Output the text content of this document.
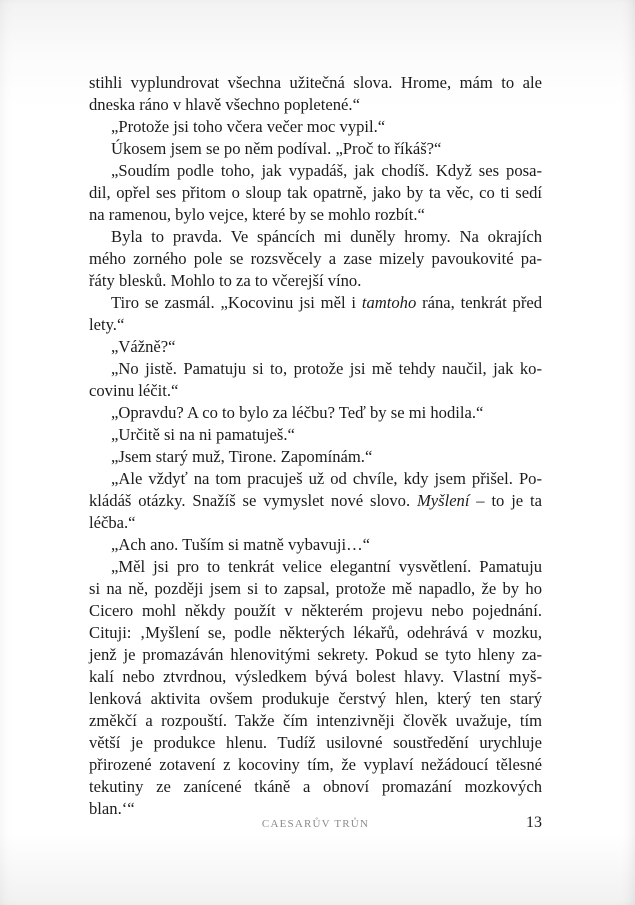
stihli vyplundrovat všechna užitečná slova. Hrome, mám to ale
dneska ráno v hlavě všechno popletené.“

„Protože jsi toho včera večer moc vypil.“

Úkosem jsem se po něm podíval. „Proč to říkáš?“

„Soudím podle toho, jak vypadáš, jak chodíš. Když ses posa-
dil, opřel ses přitom o sloup tak opatrně, jako by ta věc, co ti sedí
na ramenou, bylo vejce, které by se mohlo rozbít.“

Byla to pravda. Ve spáncích mi duněly hromy. Na okrajích
mého zorného pole se rozsvěcely a zase mizely pavoukovité pa-
řáty blesků. Mohlo to za to včerejší víno.

Tiro se zasmál. „Kocovinu jsi měl i tamtoho rána, tenkrát před
lety.“

„Vážně?“

„No jistě. Pamatuju si to, protože jsi mě tehdy naučil, jak ko-
covinu léčit.“

„Opravdu? A co to bylo za léčbu? Teď by se mi hodila.“

„Určitě si na ni pamatuješ.“

„Jsem starý muž, Tirone. Zapomínám.“

„Ale vždyť na tom pracuješ už od chvíle, kdy jsem přišel. Po-
kládáš otázky. Snažíš se vymyslet nové slovo. Myšlení – to je ta
léčba.“

„Ach ano. Tuším si matně vybavuji…“

„Měl jsi pro to tenkrát velice elegantní vysvětlení. Pamatuju
si na ně, později jsem si to zapsal, protože mě napadlo, že by ho
Cicero mohl někdy použít v některém projevu nebo pojednání.
Cituji: ‚Myšlení se, podle některých lékařů, odehrává v mozku,
jenž je promazáván hlenovitými sekrety. Pokud se tyto hleny za-
kalí nebo ztvrdnou, výsledkem bývá bolest hlavy. Vlastní myš-
lenková aktivita ovšem produkuje čerstvý hlen, který ten starý
změkčí a rozpouští. Takže čím intenzivněji člověk uvažuje, tím
větší je produkce hlenu. Tudíž usilovné soustředění urychluje
přirozené zotavení z kocoviny tím, že vyplaví nežádoucí tělesné
tekutiny ze zanícené tkáně a obnoví promazání mozkových
blan.‘“

CAESARŮV TRŮN	13
